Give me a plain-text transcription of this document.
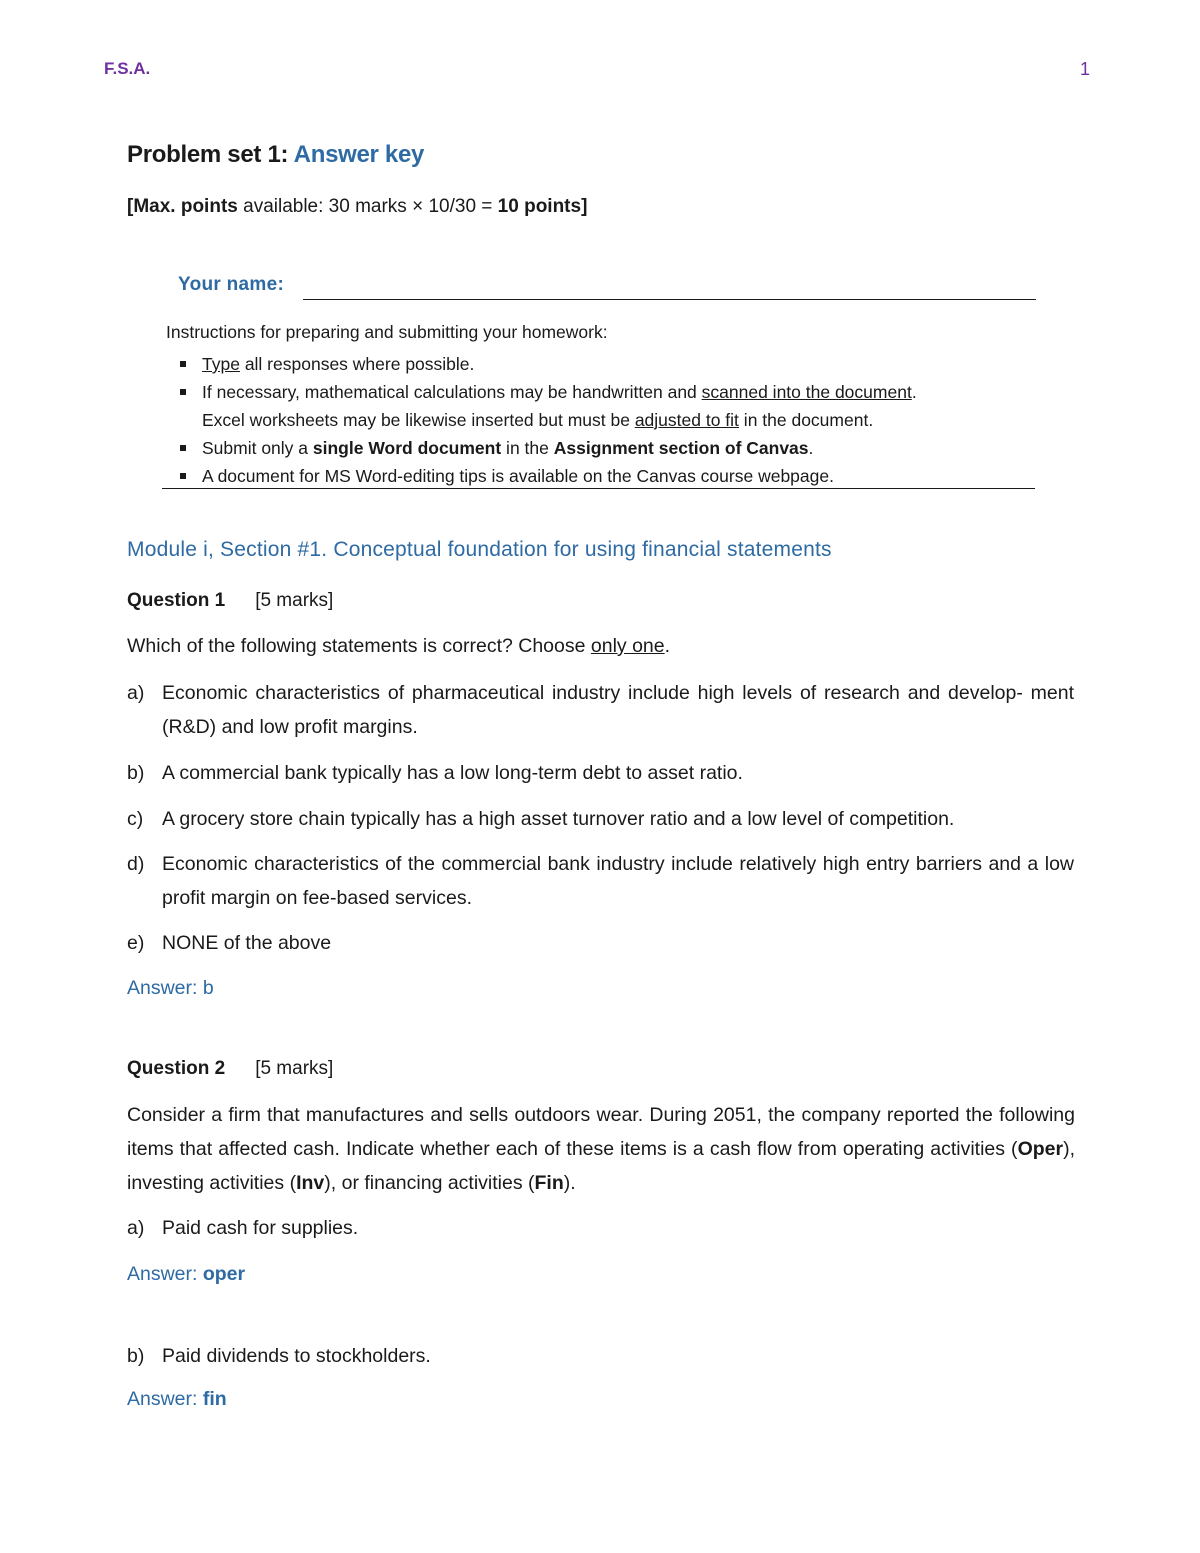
F.S.A.	1
Problem set 1: Answer key
[Max. points available: 30 marks × 10/30 = 10 points]
Your name:
Instructions for preparing and submitting your homework:
Type all responses where possible.
If necessary, mathematical calculations may be handwritten and scanned into the document.
Excel worksheets may be likewise inserted but must be adjusted to fit in the document.
Submit only a single Word document in the Assignment section of Canvas.
A document for MS Word-editing tips is available on the Canvas course webpage.
Module i, Section #1. Conceptual foundation for using financial statements
Question 1 [5 marks]
Which of the following statements is correct? Choose only one.
a) Economic characteristics of pharmaceutical industry include high levels of research and develop- ment (R&D) and low profit margins.
b) A commercial bank typically has a low long-term debt to asset ratio.
c) A grocery store chain typically has a high asset turnover ratio and a low level of competition.
d) Economic characteristics of the commercial bank industry include relatively high entry barriers and a low profit margin on fee-based services.
e) NONE of the above
Answer: b
Question 2 [5 marks]
Consider a firm that manufactures and sells outdoors wear. During 2051, the company reported the following items that affected cash. Indicate whether each of these items is a cash flow from operating activities (Oper), investing activities (Inv), or financing activities (Fin).
a) Paid cash for supplies.
Answer: oper
b) Paid dividends to stockholders.
Answer: fin
